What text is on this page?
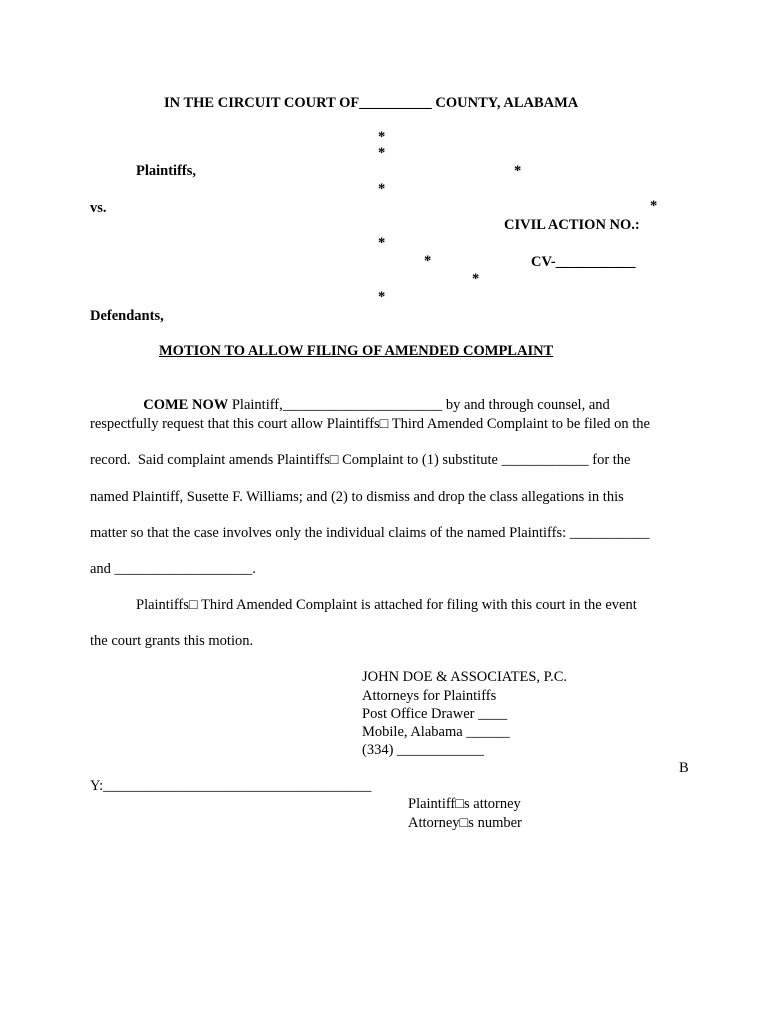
IN THE CIRCUIT COURT OF__________ COUNTY, ALABAMA
*
*
*
*
*
*
*
*
*
Plaintiffs,
vs.
CIVIL ACTION NO.:
CV-___________
Defendants,
MOTION TO ALLOW FILING OF AMENDED COMPLAINT

COME NOW Plaintiff,______________________ by and through counsel, and

respectfully request that this court allow Plaintiffs□ Third Amended Complaint to be filed on the
record.  Said complaint amends Plaintiffs□ Complaint to (1) substitute ____________ for the
named Plaintiff, Susette F. Williams; and (2) to dismiss and drop the class allegations in this
matter so that the case involves only the individual claims of the named Plaintiffs: ___________
and ___________________.
Plaintiffs□ Third Amended Complaint is attached for filing with this court in the event
the court grants this motion.
JOHN DOE & ASSOCIATES, P.C.
Attorneys for Plaintiffs
Post Office Drawer ____
Mobile, Alabama ______
(334) ____________
B
Y:_____________________________________
Plaintiff□s attorney
Attorney□s number
